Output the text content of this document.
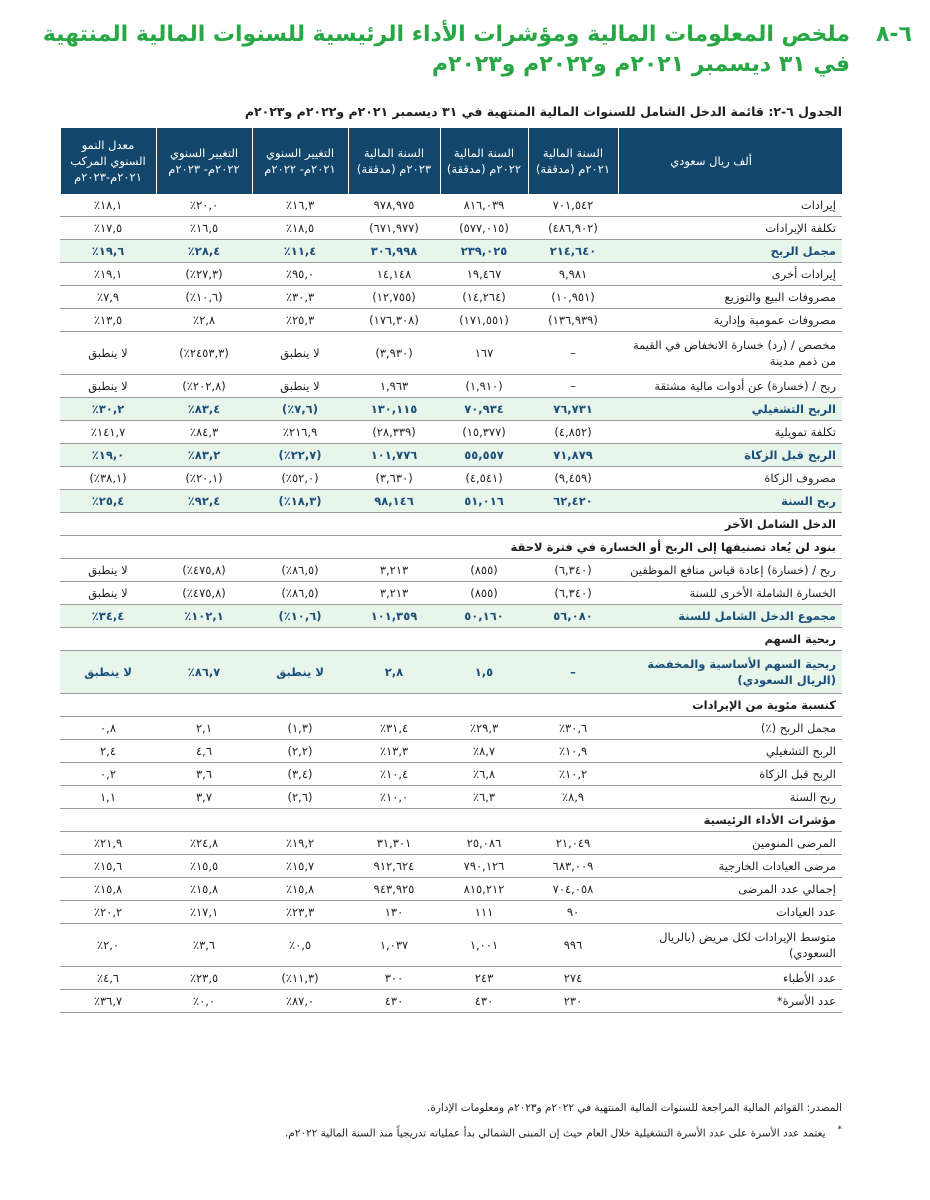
٦-٨
ملخص المعلومات المالية ومؤشرات الأداء الرئيسية للسنوات المالية المنتهية في ٣١ ديسمبر ٢٠٢١م و٢٠٢٢م و٢٠٢٣م
الجدول ٦-٢: قائمة الدخل الشامل للسنوات المالية المنتهية في ٣١ ديسمبر ٢٠٢١م و٢٠٢٢م و٢٠٢٣م
ألف ريال سعودي	السنة المالية ٢٠٢١م (مدققة)	السنة المالية ٢٠٢٢م (مدققة)	السنة المالية ٢٠٢٣م (مدققة)	التغيير السنوي ٢٠٢١م- ٢٠٢٢م	التغيير السنوي ٢٠٢٢م- ٢٠٢٣م	معدل النمو السنوي المركب ٢٠٢١م-٢٠٢٣م
إيرادات	٧٠١,٥٤٢	٨١٦,٠٣٩	٩٧٨,٩٧٥	١٦,٣٪	٢٠,٠٪	١٨,١٪
تكلفة الإيرادات	(٤٨٦,٩٠٢)	(٥٧٧,٠١٥)	(٦٧١,٩٧٧)	١٨,٥٪	١٦,٥٪	١٧,٥٪
مجمل الربح	٢١٤,٦٤٠	٢٣٩,٠٢٥	٣٠٦,٩٩٨	١١,٤٪	٢٨,٤٪	١٩,٦٪
إيرادات أخرى	٩,٩٨١	١٩,٤٦٧	١٤,١٤٨	٩٥,٠٪	(٢٧,٣٪)	١٩,١٪
مصروفات البيع والتوزيع	(١٠,٩٥١)	(١٤,٢٦٤)	(١٢,٧٥٥)	٣٠,٣٪	(١٠,٦٪)	٧,٩٪
مصروفات عمومية وإدارية	(١٣٦,٩٣٩)	(١٧١,٥٥١)	(١٧٦,٣٠٨)	٢٥,٣٪	٢,٨٪	١٣,٥٪
مخصص / (رد) خسارة الانخفاض في القيمة من ذمم مدينة	–	١٦٧	(٣,٩٣٠)	لا ينطبق	(٢٤٥٣,٣٪)	لا ينطبق
ربح / (خسارة) عن أدوات مالية مشتقة	–	(١,٩١٠)	١,٩٦٣	لا ينطبق	(٢٠٢,٨٪)	لا ينطبق
الربح التشغيلي	٧٦,٧٣١	٧٠,٩٣٤	١٣٠,١١٥	(٧,٦٪)	٨٣,٤٪	٣٠,٢٪
تكلفة تمويلية	(٤,٨٥٢)	(١٥,٣٧٧)	(٢٨,٣٣٩)	٢١٦,٩٪	٨٤,٣٪	١٤١,٧٪
الربح قبل الزكاة	٧١,٨٧٩	٥٥,٥٥٧	١٠١,٧٧٦	(٢٢,٧٪)	٨٣,٢٪	١٩,٠٪
مصروف الزكاة	(٩,٤٥٩)	(٤,٥٤١)	(٣,٦٣٠)	(٥٢,٠٪)	(٢٠,١٪)	(٣٨,١٪)
ربح السنة	٦٢,٤٢٠	٥١,٠١٦	٩٨,١٤٦	(١٨,٣٪)	٩٢,٤٪	٢٥,٤٪
الدخل الشامل الآخر						
بنود لن يُعاد تصنيفها إلى الربح أو الخسارة في فترة لاحقة						
ربح / (خسارة) إعادة قياس منافع الموظفين	(٦,٣٤٠)	(٨٥٥)	٣,٢١٣	(٨٦,٥٪)	(٤٧٥,٨٪)	لا ينطبق
الخسارة الشاملة الأخرى للسنة	(٦,٣٤٠)	(٨٥٥)	٣,٢١٣	(٨٦,٥٪)	(٤٧٥,٨٪)	لا ينطبق
مجموع الدخل الشامل للسنة	٥٦,٠٨٠	٥٠,١٦٠	١٠١,٣٥٩	(١٠,٦٪)	١٠٢,١٪	٣٤,٤٪
ربحية السهم						
ربحية السهم الأساسية والمخفضة (الريال السعودي)	–	١,٥	٢,٨	لا ينطبق	٨٦,٧٪	لا ينطبق
كنسبة مئوية من الإيرادات						
مجمل الربح (٪)	٣٠,٦٪	٢٩,٣٪	٣١,٤٪	(١,٣)	٢,١	٠,٨
الربح التشغيلي	١٠,٩٪	٨,٧٪	١٣,٣٪	(٢,٢)	٤,٦	٢,٤
الربح قبل الزكاة	١٠,٢٪	٦,٨٪	١٠,٤٪	(٣,٤)	٣,٦	٠,٢
ربح السنة	٨,٩٪	٦,٣٪	١٠,٠٪	(٢,٦)	٣,٧	١,١
مؤشرات الأداء الرئيسية						
المرضى المنومين	٢١,٠٤٩	٢٥,٠٨٦	٣١,٣٠١	١٩,٢٪	٢٤,٨٪	٢١,٩٪
مرضى العيادات الخارجية	٦٨٣,٠٠٩	٧٩٠,١٢٦	٩١٢,٦٢٤	١٥,٧٪	١٥,٥٪	١٥,٦٪
إجمالي عدد المرضى	٧٠٤,٠٥٨	٨١٥,٢١٢	٩٤٣,٩٢٥	١٥,٨٪	١٥,٨٪	١٥,٨٪
عدد العيادات	٩٠	١١١	١٣٠	٢٣,٣٪	١٧,١٪	٢٠,٢٪
متوسط الإيرادات لكل مريض (بالريال السعودي)	٩٩٦	١,٠٠١	١,٠٣٧	٠,٥٪	٣,٦٪	٢,٠٪
عدد الأطباء	٢٧٤	٢٤٣	٣٠٠	(١١,٣٪)	٢٣,٥٪	٤,٦٪
عدد الأسرة*	٢٣٠	٤٣٠	٤٣٠	٨٧,٠٪	٠,٠٪	٣٦,٧٪
المصدر: القوائم المالية المراجعة للسنوات المالية المنتهية في ٢٠٢٢م و٢٠٢٣م ومعلومات الإدارة.
*يعتمد عدد الأسرة على عدد الأسرة التشغيلية خلال العام حيث إن المبنى الشمالي بدأ عملياته تدريجياً منذ السنة المالية ٢٠٢٢م.
